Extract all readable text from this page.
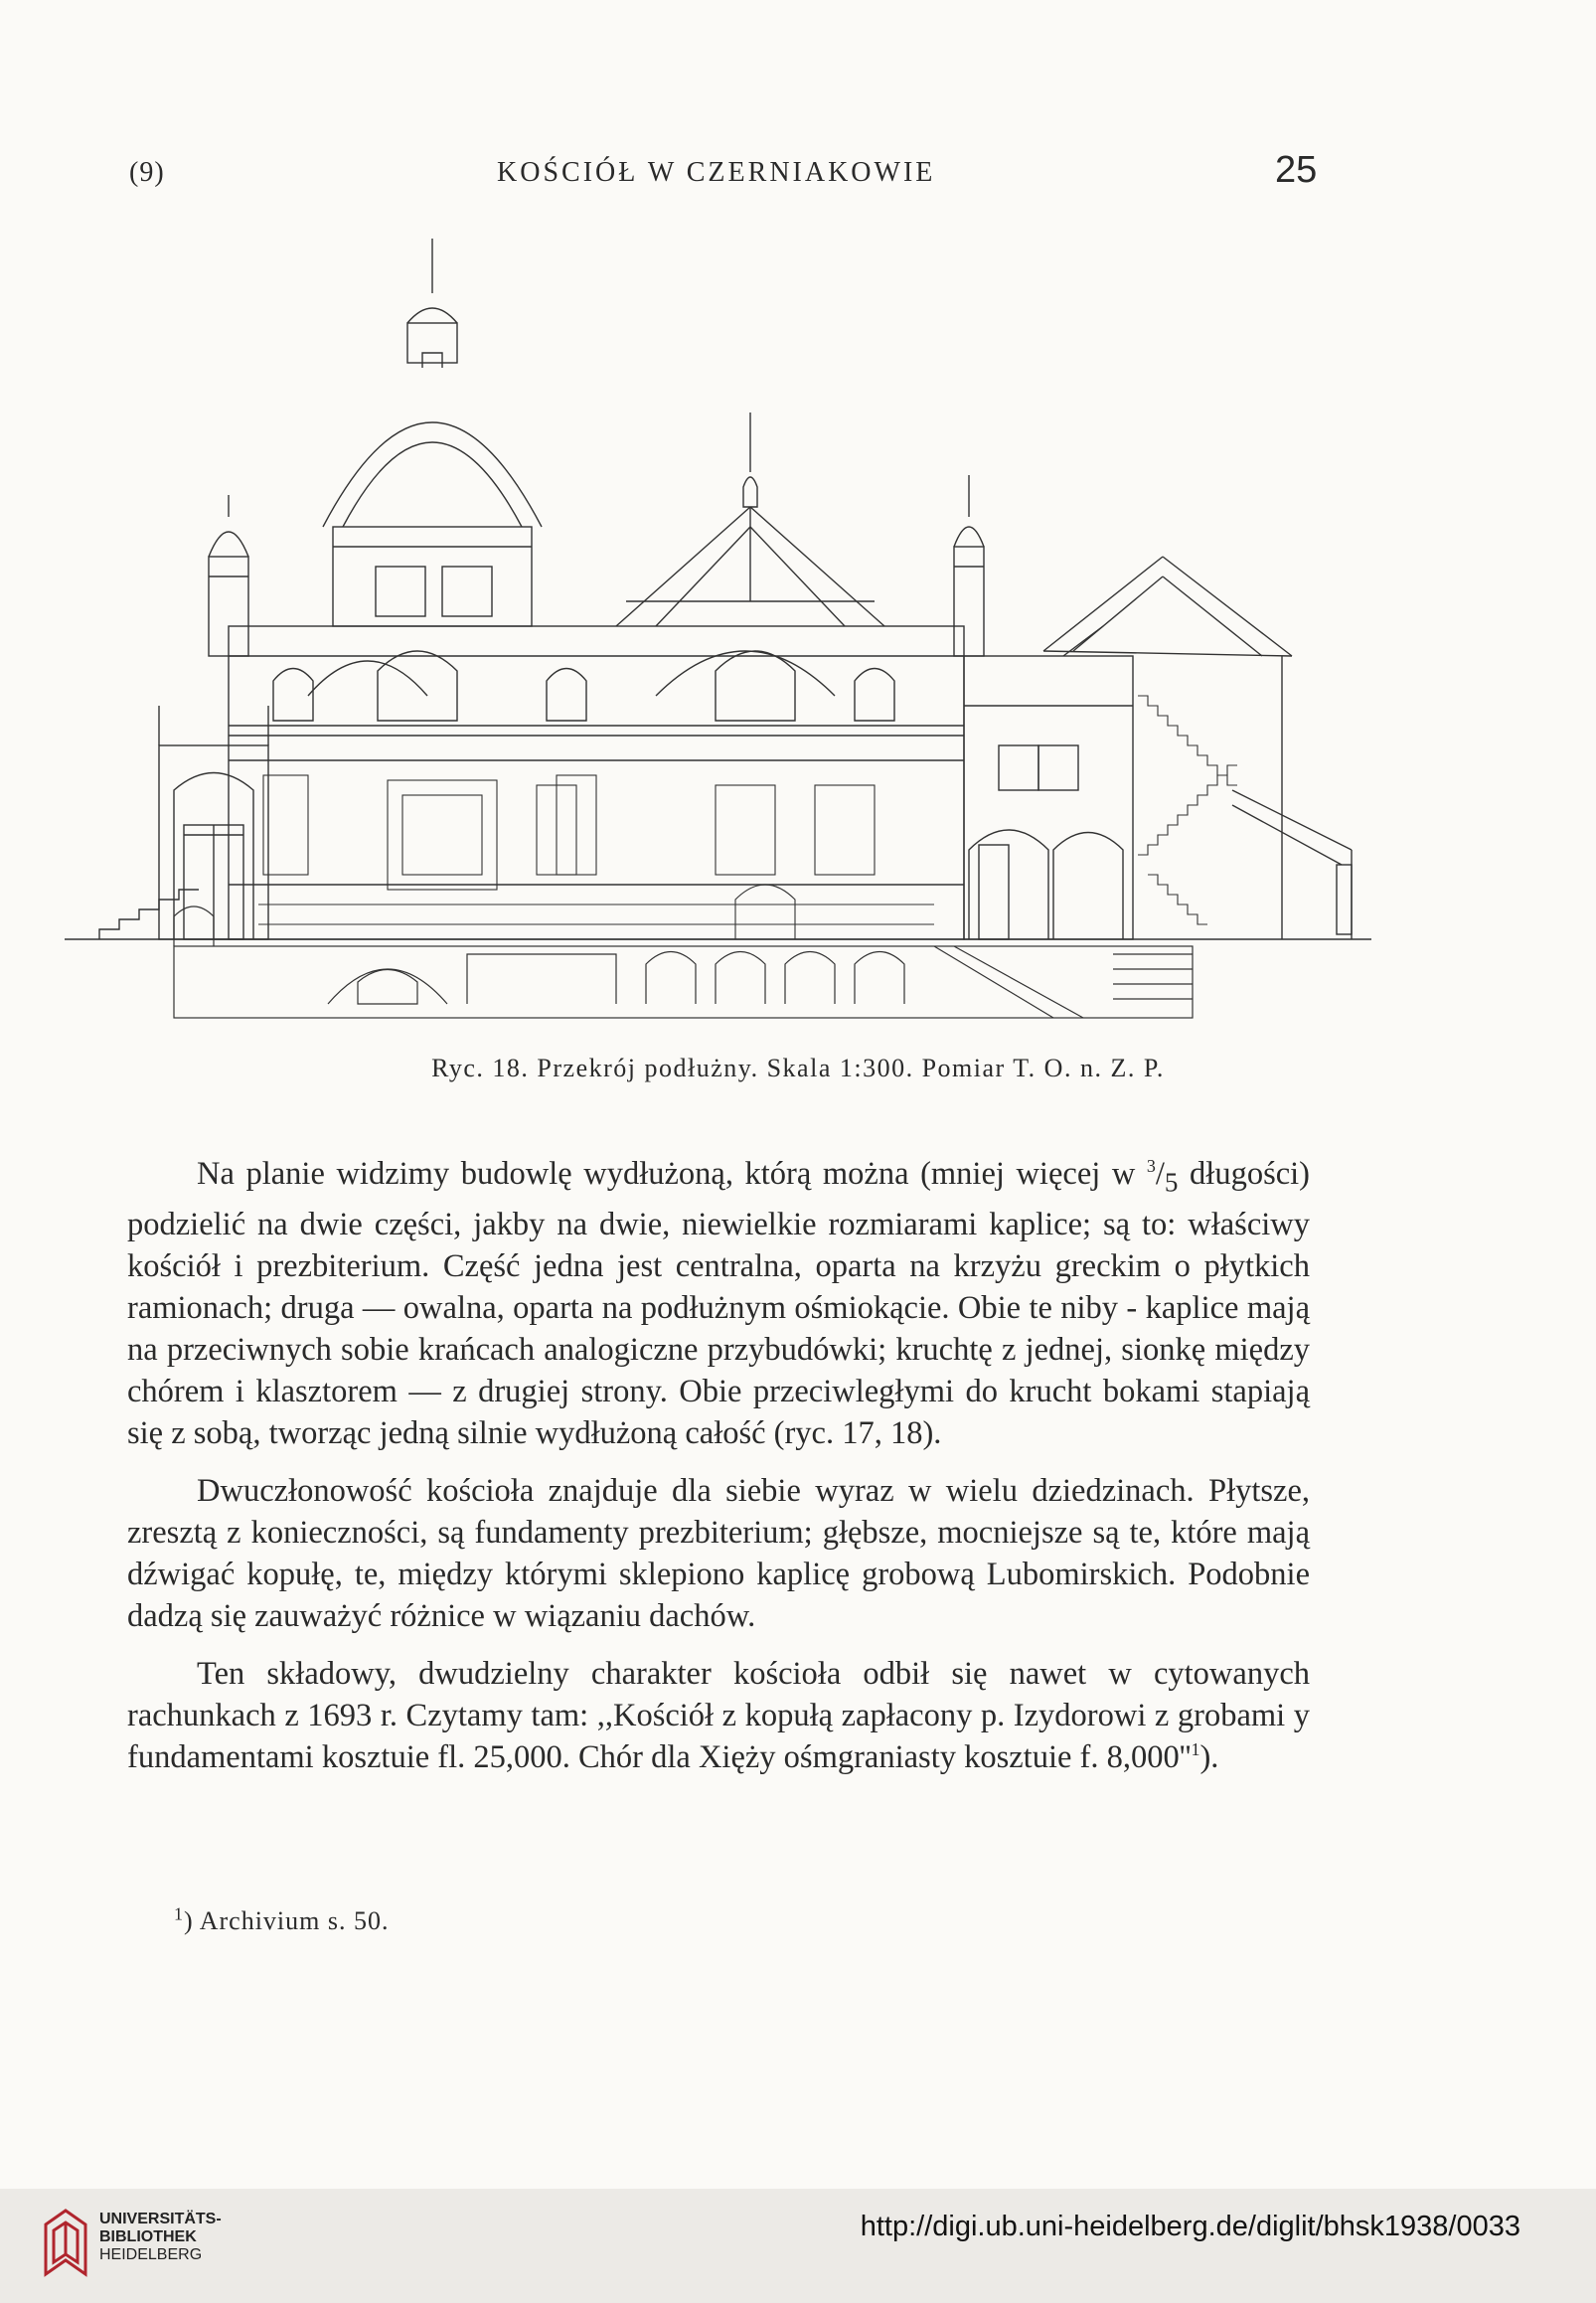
(9)	KOŚCIÓŁ W CZERNIAKOWIE	25
Ryc. 18. Przekrój podłużny. Skala 1:300. Pomiar T. O. n. Z. P.

Na planie widzimy budowlę wydłużoną, którą można (mniej więcej w $^3/_5$ długości) podzielić na dwie części, jakby na dwie, niewielkie rozmiarami kaplice; są to: właściwy kościół i prezbiterium. Część jedna jest centralna, oparta na krzyżu greckim o płytkich ramionach; druga — owalna, oparta na podłużnym ośmiokącie. Obie te niby - kaplice mają na przeciwnych sobie krańcach analogiczne przybudówki; kruchtę z jednej, sionkę między chórem i klasztorem — z drugiej strony. Obie przeciwległymi do krucht bokami stapiają się z sobą, tworząc jedną silnie wydłużoną całość (ryc. 17, 18).

Dwuczłonowość kościoła znajduje dla siebie wyraz w wielu dziedzinach. Płytsze, zresztą z konieczności, są fundamenty prezbiterium; głębsze, mocniejsze są te, które mają dźwigać kopułę, te, między którymi sklepiono kaplicę grobową Lubomirskich. Podobnie dadzą się zauważyć różnice w wiązaniu dachów.

Ten składowy, dwudzielny charakter kościoła odbił się nawet w cytowanych rachunkach z 1693 r. Czytamy tam: ,,Kościół z kopułą zapłacony p. Izydorowi z grobami y fundamentami kosztuie fl. 25,000. Chór dla Xięży ośmgraniasty kosztuie f. $8,000''^1$).

$^1$) Archivium s. 50.
UNIVERSITÄTS-
BIBLIOTHEK
HEIDELBERG
http://digi.ub.uni-heidelberg.de/diglit/bhsk1938/0033
